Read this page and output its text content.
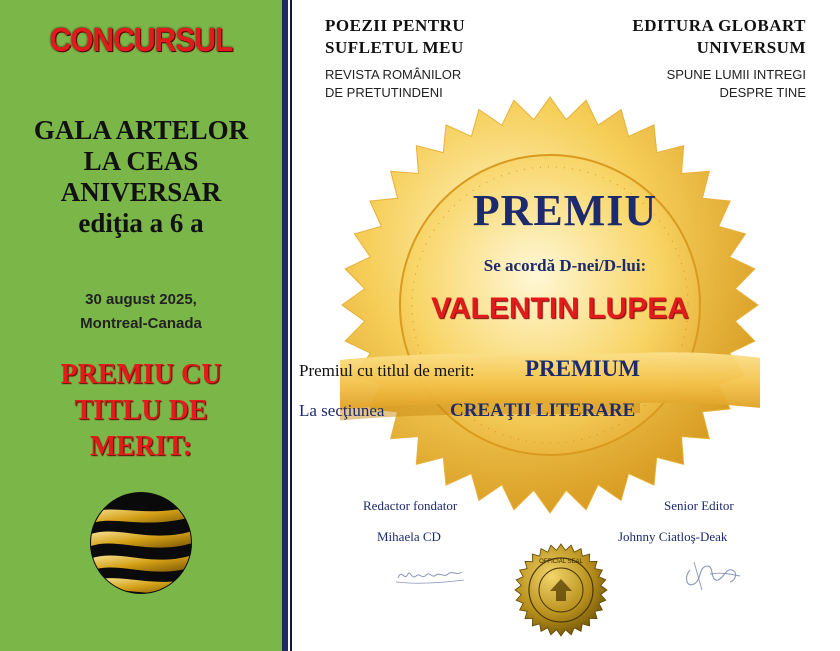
CONCURSUL
GALA ARTELOR
LA CEAS
ANIVERSAR
ediţia a 6 a
30 august 2025,
Montreal-Canada
PREMIU CU
TITLU DE
MERIT:
POEZII PENTRU
SUFLETUL MEU
REVISTA ROMÂNILOR
DE PRETUTINDENI
EDITURA GLOBART
UNIVERSUM
SPUNE LUMII INTREGI
DESPRE TINE
PREMIU
Se acordă D-nei/D-lui:
VALENTIN LUPEA
Premiul cu titlul de merit: PREMIUM
La secţiunea	CREAŢII LITERARE
Redactor fondator
Mihaela CD
Senior Editor
Johnny Ciatloş-Deak
OFFICIAL SEAL
